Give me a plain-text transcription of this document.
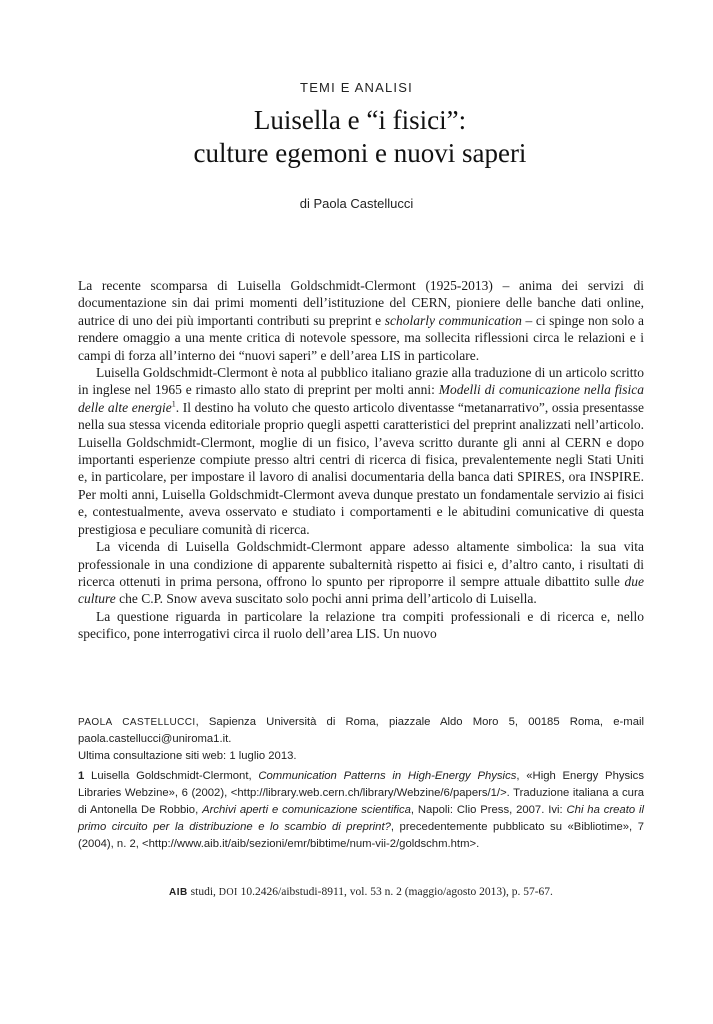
TEMI E ANALISI
Luisella e “i fisici”:
culture egemoni e nuovi saperi
di Paola Castellucci

La recente scomparsa di Luisella Goldschmidt-Clermont (1925-2013) – anima dei servizi di documentazione sin dai primi momenti dell’istituzione del CERN, pioniere delle banche dati online, autrice di uno dei più importanti contributi su preprint e scholarly communication – ci spinge non solo a rendere omaggio a una mente critica di notevole spessore, ma sollecita riflessioni circa le relazioni e i campi di forza all’interno dei “nuovi saperi” e dell’area LIS in particolare.

Luisella Goldschmidt-Clermont è nota al pubblico italiano grazie alla traduzione di un articolo scritto in inglese nel 1965 e rimasto allo stato di preprint per molti anni: Modelli di comunicazione nella fisica delle alte energie$^1$. Il destino ha voluto che questo articolo diventasse “metanarrativo”, ossia presentasse nella sua stessa vicenda editoriale proprio quegli aspetti caratteristici del preprint analizzati nell’articolo. Luisella Goldschmidt-Clermont, moglie di un fisico, l’aveva scritto durante gli anni al CERN e dopo importanti esperienze compiute presso altri centri di ricerca di fisica, prevalentemente negli Stati Uniti e, in particolare, per impostare il lavoro di analisi documentaria della banca dati SPIRES, ora INSPIRE. Per molti anni, Luisella Goldschmidt-Clermont aveva dunque prestato un fondamentale servizio ai fisici e, contestualmente, aveva osservato e studiato i comportamenti e le abitudini comunicative di questa prestigiosa e peculiare comunità di ricerca.

La vicenda di Luisella Goldschmidt-Clermont appare adesso altamente simbolica: la sua vita professionale in una condizione di apparente subalternità rispetto ai fisici e, d’altro canto, i risultati di ricerca ottenuti in prima persona, offrono lo spunto per riproporre il sempre attuale dibattito sulle due culture che C.P. Snow aveva suscitato solo pochi anni prima dell’articolo di Luisella.

La questione riguarda in particolare la relazione tra compiti professionali e di ricerca e, nello specifico, pone interrogativi circa il ruolo dell’area LIS. Un nuovo

PAOLA CASTELLUCCI, Sapienza Università di Roma, piazzale Aldo Moro 5, 00185 Roma, e-mail paola.castellucci@uniroma1.it.

Ultima consultazione siti web: 1 luglio 2013.

1 Luisella Goldschmidt-Clermont, Communication Patterns in High-Energy Physics, «High Energy Physics Libraries Webzine», 6 (2002), <http://library.web.cern.ch/library/Webzine/6/papers/1/>. Traduzione italiana a cura di Antonella De Robbio, Archivi aperti e comunicazione scientifica, Napoli: Clio Press, 2007. Ivi: Chi ha creato il primo circuito per la distribuzione e lo scambio di preprint?, precedentemente pubblicato su «Bibliotime», 7 (2004), n. 2, <http://www.aib.it/aib/sezioni/emr/bibtime/num-vii-2/goldschm.htm>.

AIB studi, DOI 10.2426/aibstudi-8911, vol. 53 n. 2 (maggio/agosto 2013), p. 57-67.
